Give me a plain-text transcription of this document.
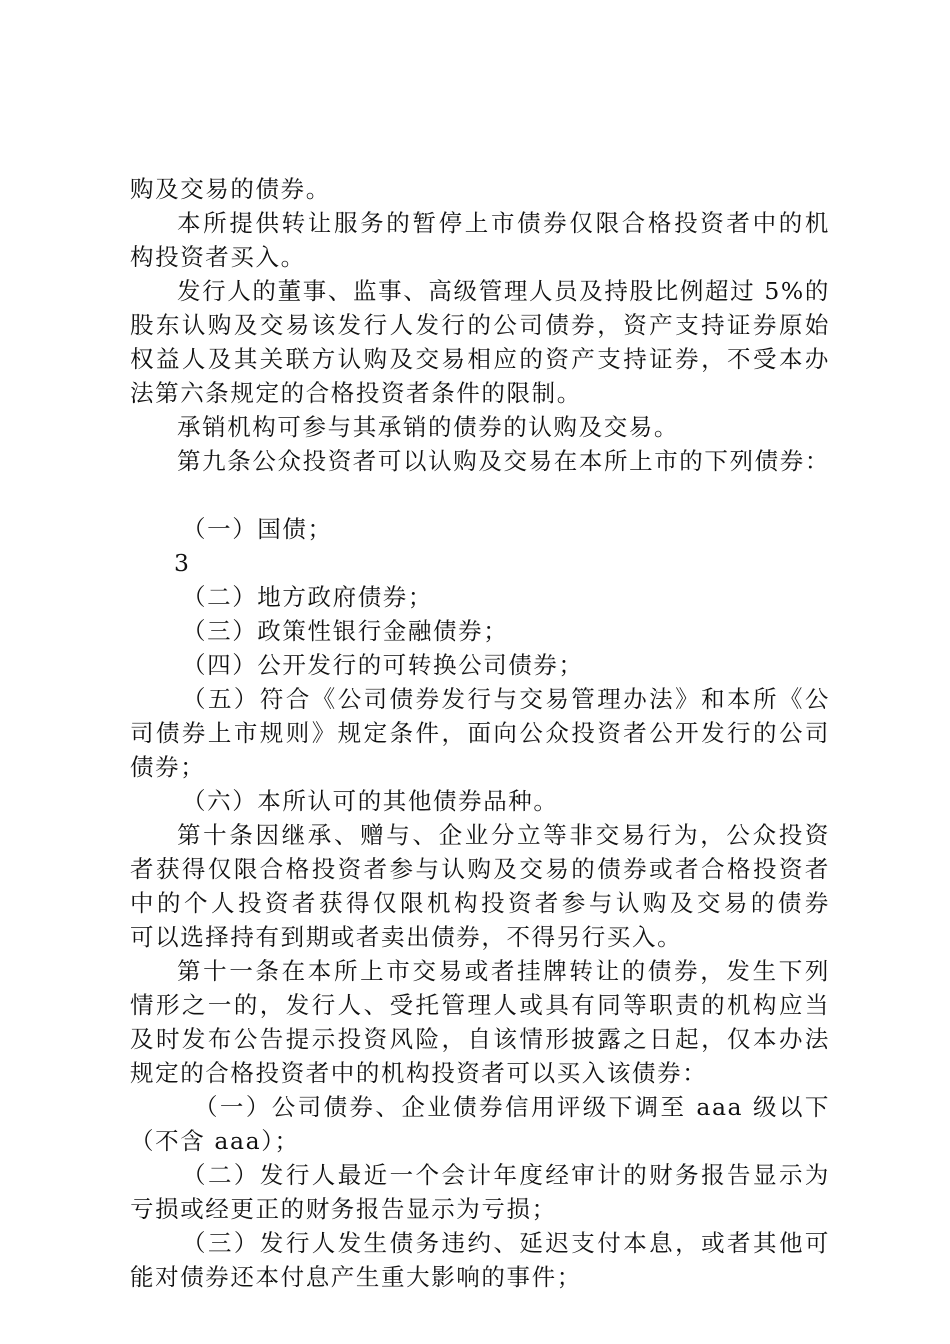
购及交易的债券。
本所提供转让服务的暂停上市债券仅限合格投资者中的机
构投资者买入。
发行人的董事、监事、高级管理人员及持股比例超过 5%的
股东认购及交易该发行人发行的公司债券，资产支持证券原始
权益人及其关联方认购及交易相应的资产支持证券，不受本办
法第六条规定的合格投资者条件的限制。
承销机构可参与其承销的债券的认购及交易。
第九条公众投资者可以认购及交易在本所上市的下列债券：
（一）国债；
3
（二）地方政府债券；
（三）政策性银行金融债券；
（四）公开发行的可转换公司债券；
（五）符合《公司债券发行与交易管理办法》和本所《公
司债券上市规则》规定条件，面向公众投资者公开发行的公司
债券；
（六）本所认可的其他债券品种。
第十条因继承、赠与、企业分立等非交易行为，公众投资
者获得仅限合格投资者参与认购及交易的债券或者合格投资者
中的个人投资者获得仅限机构投资者参与认购及交易的债券
可以选择持有到期或者卖出债券，不得另行买入。
第十一条在本所上市交易或者挂牌转让的债券，发生下列
情形之一的，发行人、受托管理人或具有同等职责的机构应当
及时发布公告提示投资风险，自该情形披露之日起，仅本办法
规定的合格投资者中的机构投资者可以买入该债券：
（一）公司债券、企业债券信用评级下调至 aaa 级以下
（不含 aaa）；
（二）发行人最近一个会计年度经审计的财务报告显示为
亏损或经更正的财务报告显示为亏损；
（三）发行人发生债务违约、延迟支付本息，或者其他可
能对债券还本付息产生重大影响的事件；
